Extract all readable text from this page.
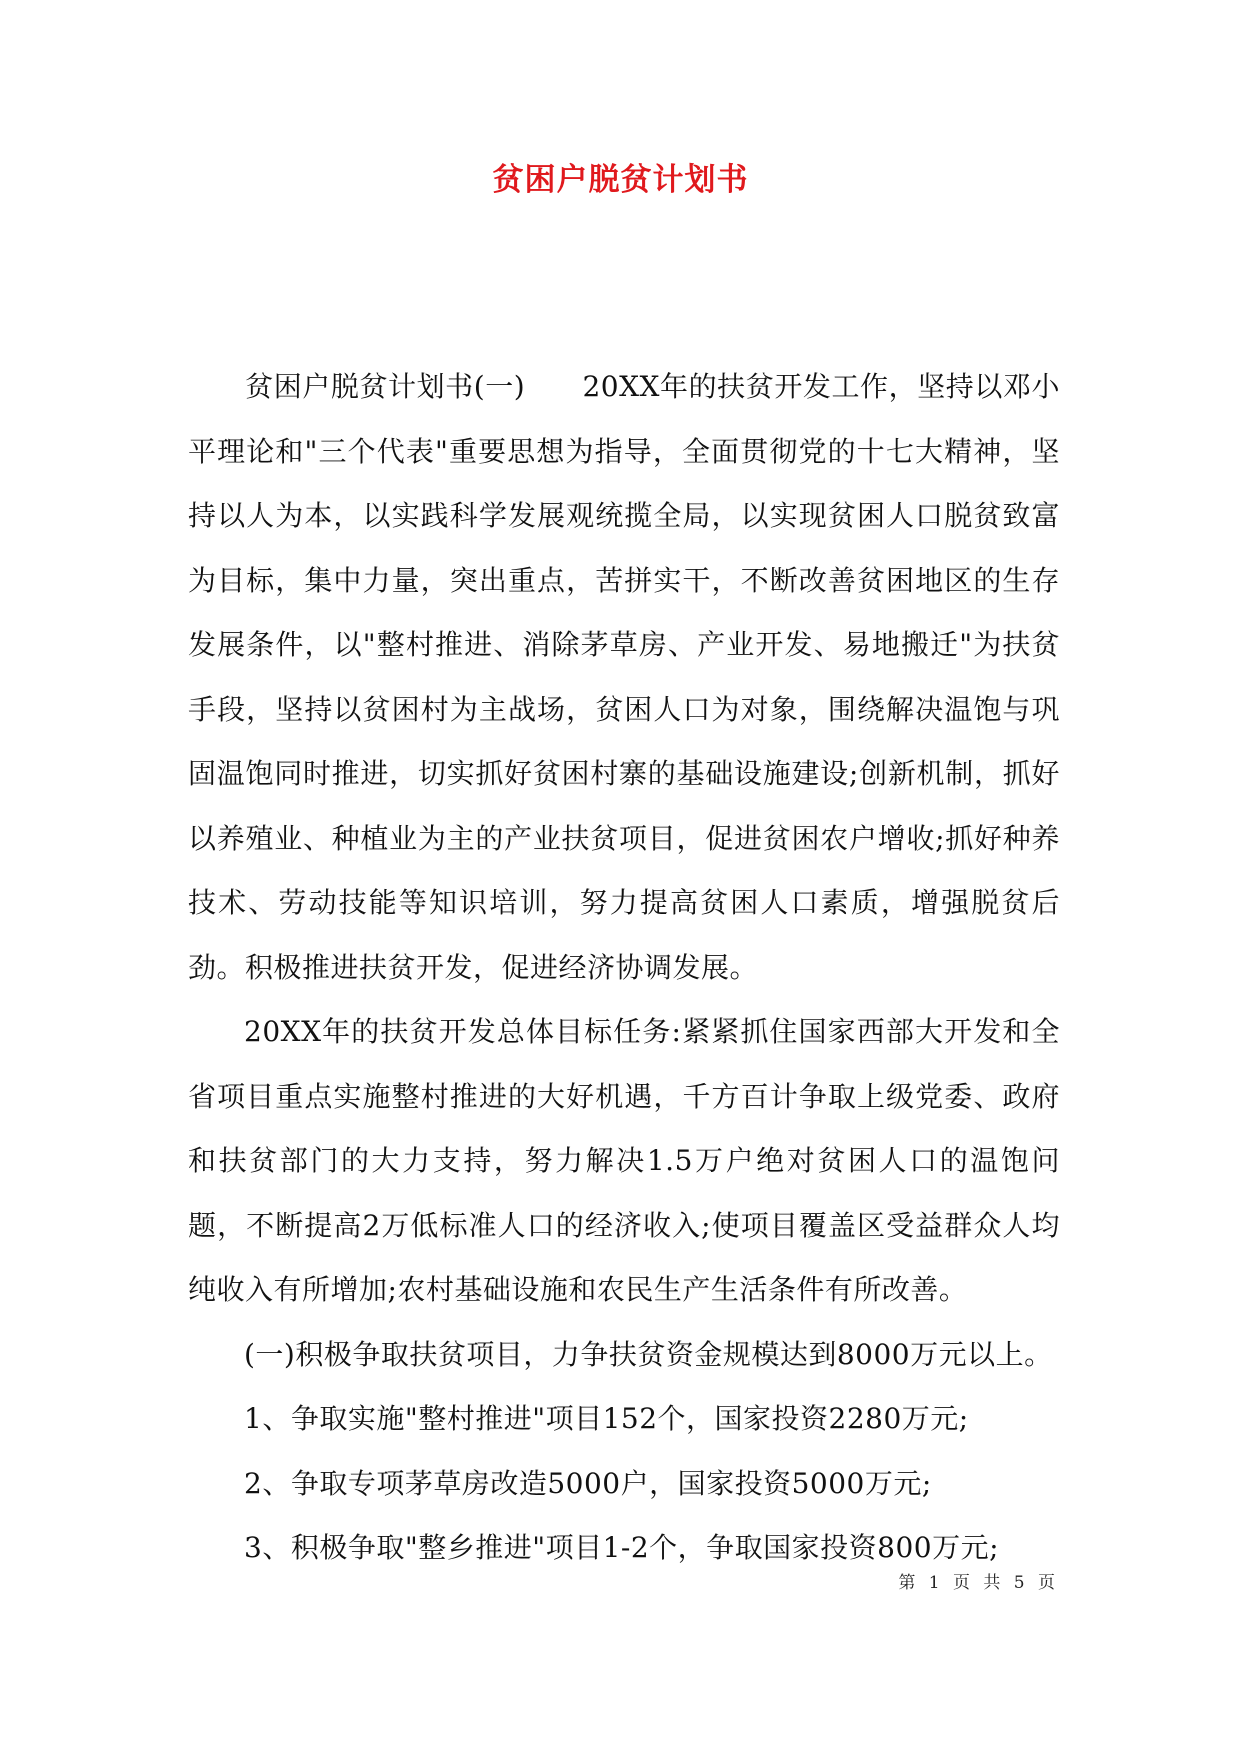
贫困户脱贫计划书

　　贫困户脱贫计划书(一)　　20XX年的扶贫开发工作，坚持以邓小平理论和"三个代表"重要思想为指导，全面贯彻党的十七大精神，坚持以人为本，以实践科学发展观统揽全局，以实现贫困人口脱贫致富为目标，集中力量，突出重点，苦拼实干，不断改善贫困地区的生存发展条件，以"整村推进、消除茅草房、产业开发、易地搬迁"为扶贫手段，坚持以贫困村为主战场，贫困人口为对象，围绕解决温饱与巩固温饱同时推进，切实抓好贫困村寨的基础设施建设;创新机制，抓好以养殖业、种植业为主的产业扶贫项目，促进贫困农户增收;抓好种养技术、劳动技能等知识培训，努力提高贫困人口素质，增强脱贫后劲。积极推进扶贫开发，促进经济协调发展。

20XX年的扶贫开发总体目标任务:紧紧抓住国家西部大开发和全省项目重点实施整村推进的大好机遇，千方百计争取上级党委、政府和扶贫部门的大力支持，努力解决1.5万户绝对贫困人口的温饱问题，不断提高2万低标准人口的经济收入;使项目覆盖区受益群众人均纯收入有所增加;农村基础设施和农民生产生活条件有所改善。

(一)积极争取扶贫项目，力争扶贫资金规模达到8000万元以上。

1、争取实施"整村推进"项目152个，国家投资2280万元;

2、争取专项茅草房改造5000户，国家投资5000万元;

3、积极争取"整乡推进"项目1-2个，争取国家投资800万元;

第 1 页 共 5 页
